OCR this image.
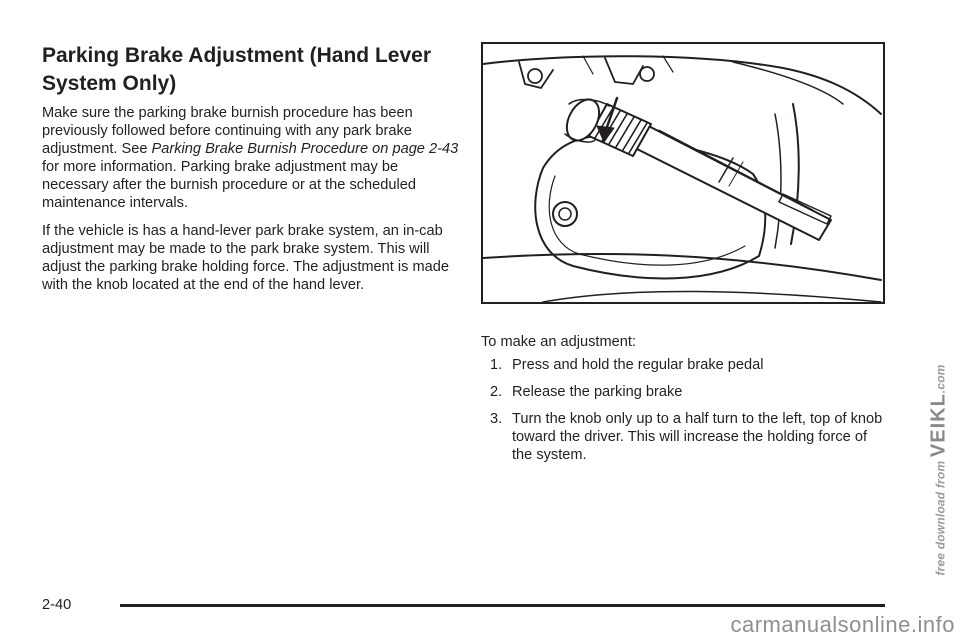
Parking Brake Adjustment (Hand Lever System Only)

Make sure the parking brake burnish procedure has been previously followed before continuing with any park brake adjustment. See Parking Brake Burnish Procedure on page 2-43 for more information. Parking brake adjustment may be necessary after the burnish procedure or at the scheduled maintenance intervals.

If the vehicle is has a hand-lever park brake system, an in-cab adjustment may be made to the park brake system. This will adjust the parking brake holding force. The adjustment is made with the knob located at the end of the hand lever.

To make an adjustment:

1. Press and hold the regular brake pedal
2. Release the parking brake
3. Turn the knob only up to a half turn to the left, top of knob toward the driver. This will increase the holding force of the system.
2-40
free download from VEIKL.com
carmanualsonline.info
